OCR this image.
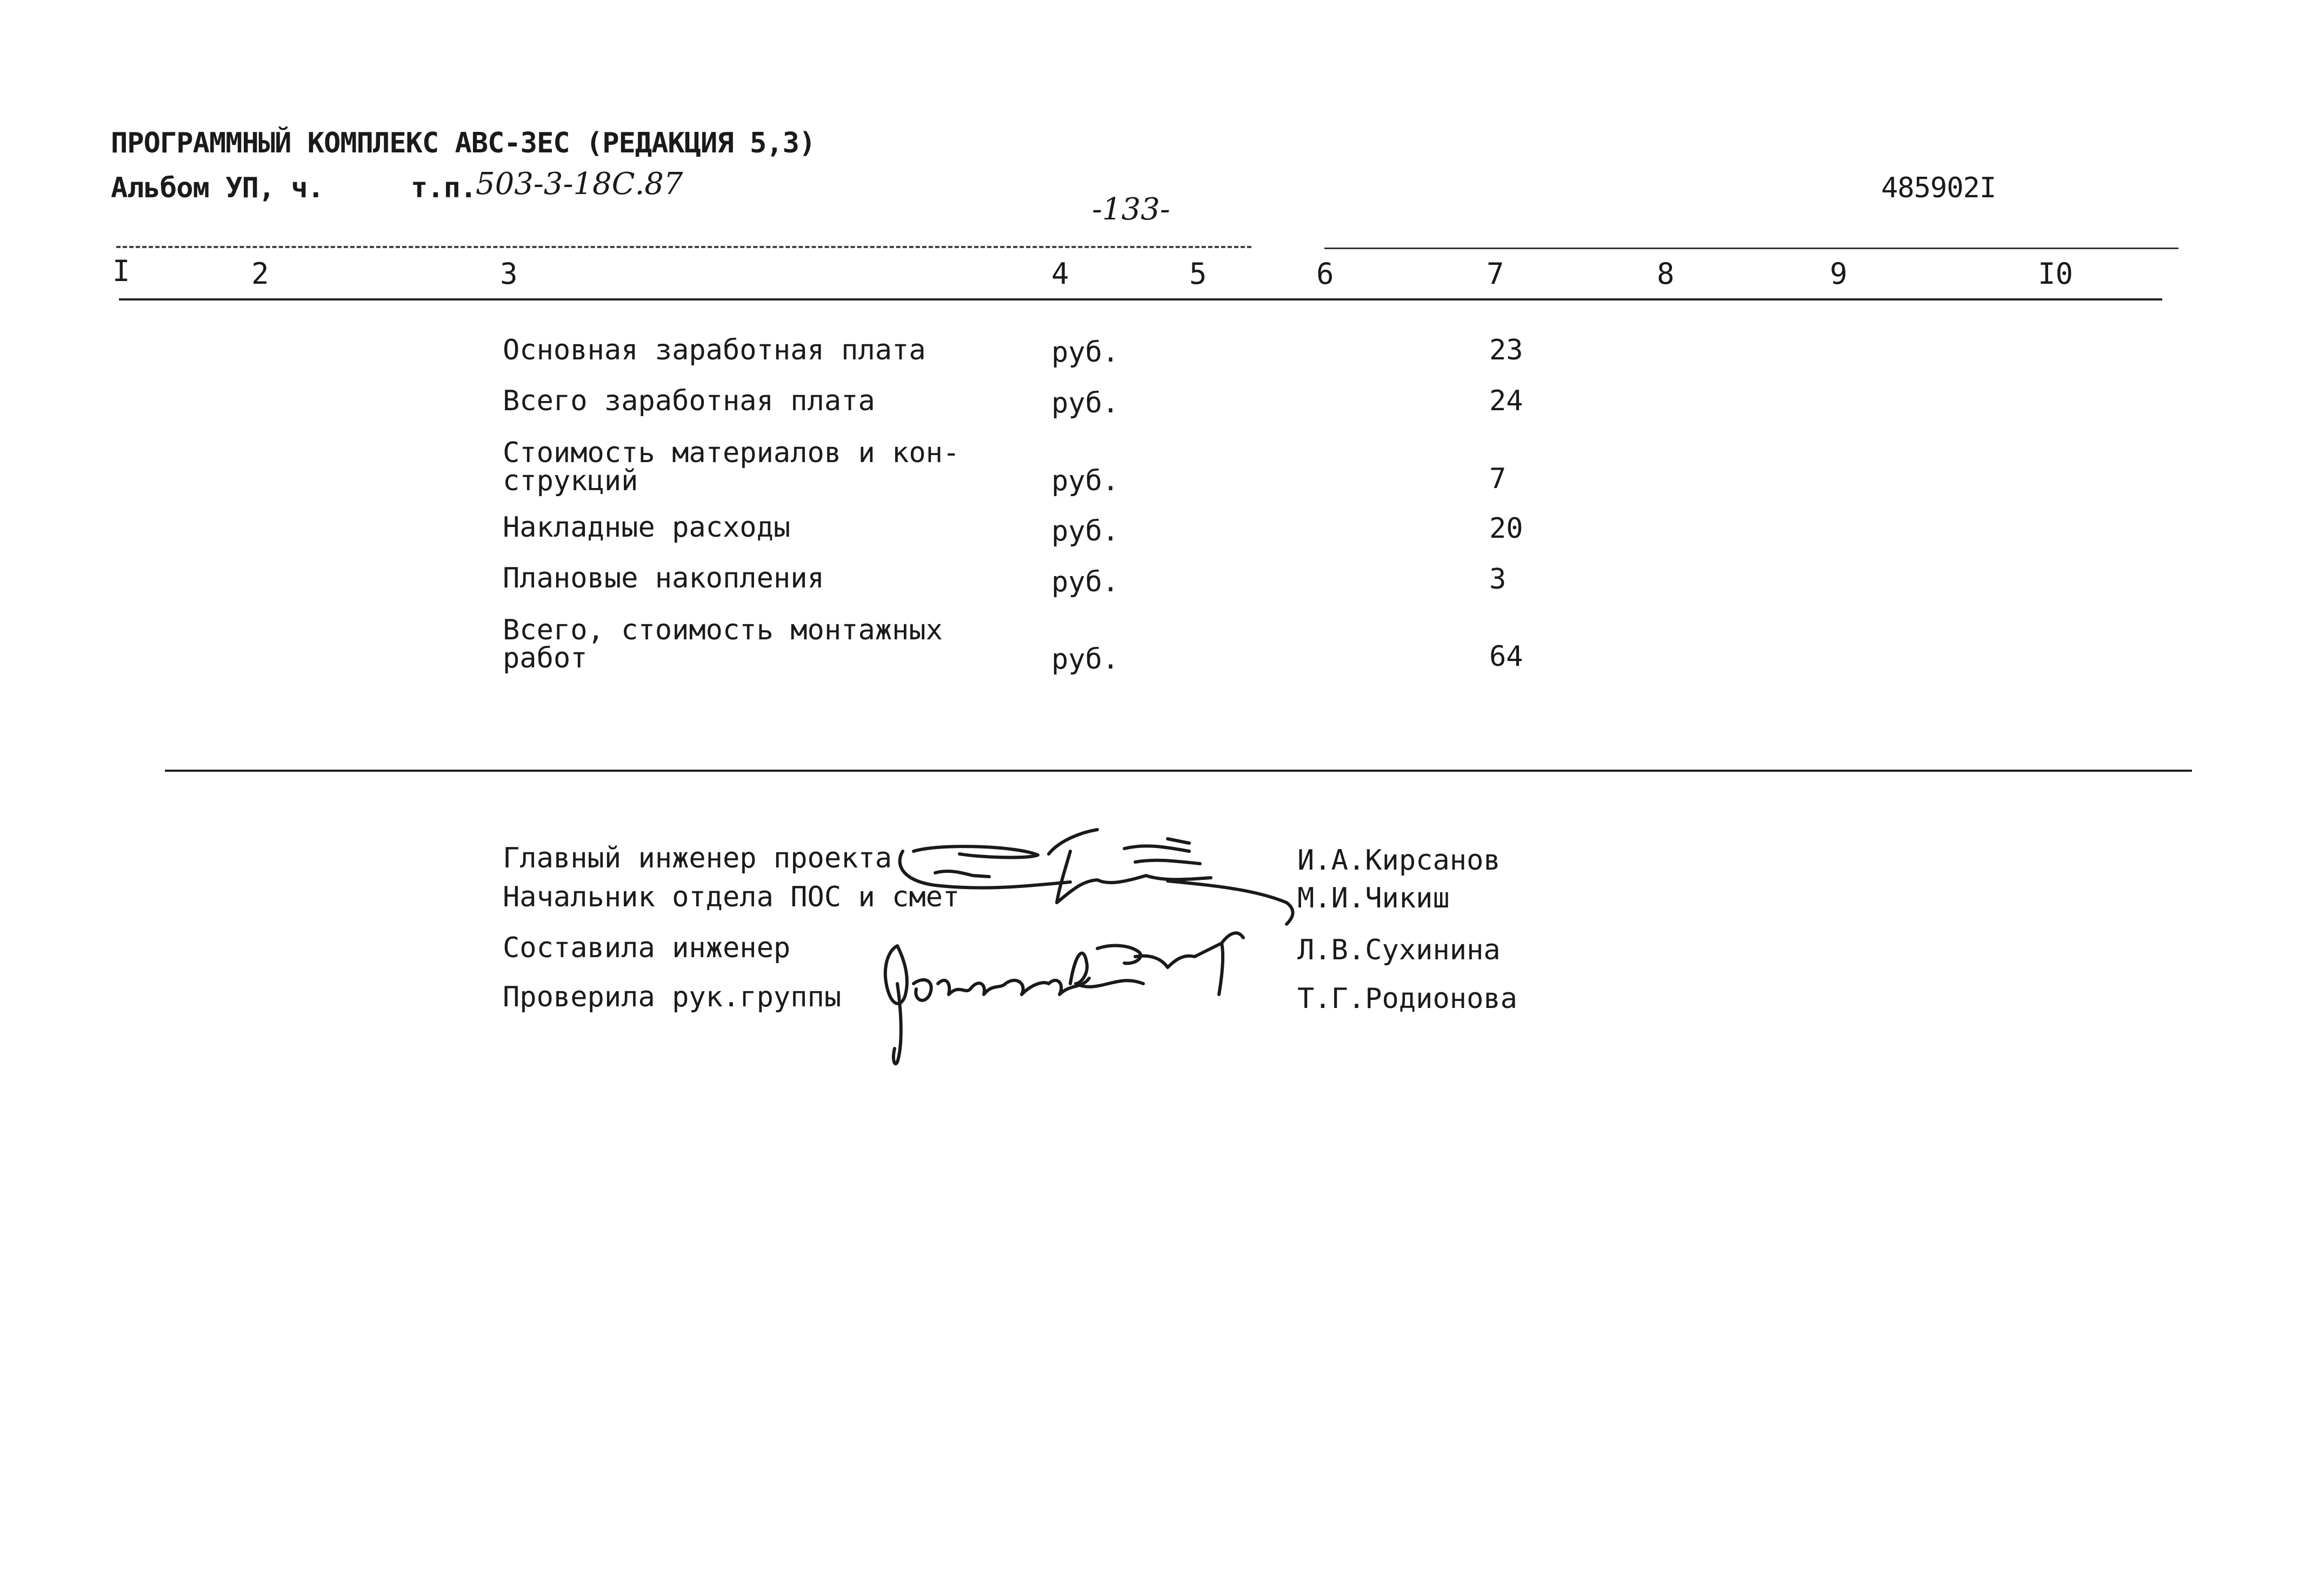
ПРОГРАММНЫЙ КОМПЛЕКС АВС-ЗЕС (РЕДАКЦИЯ 5,3)
Альбом УП, ч.	т.п.
503-3-18С.87
-133-
485902I
I	2	3	4	5	6	7	8	9	I0
Основная заработная плата	руб.	23
Всего заработная плата	руб.	24
Стоимость материалов и кон-
струкций	руб.	7
Накладные расходы	руб.	20
Плановые накопления	руб.	3
Всего, стоимость монтажных
работ	руб.	64
Главный инженер проекта	И.А.Кирсанов
Начальник отдела ПОС и смет	М.И.Чикиш
Составила инженер	Л.В.Сухинина
Проверила рук.группы	Т.Г.Родионова
